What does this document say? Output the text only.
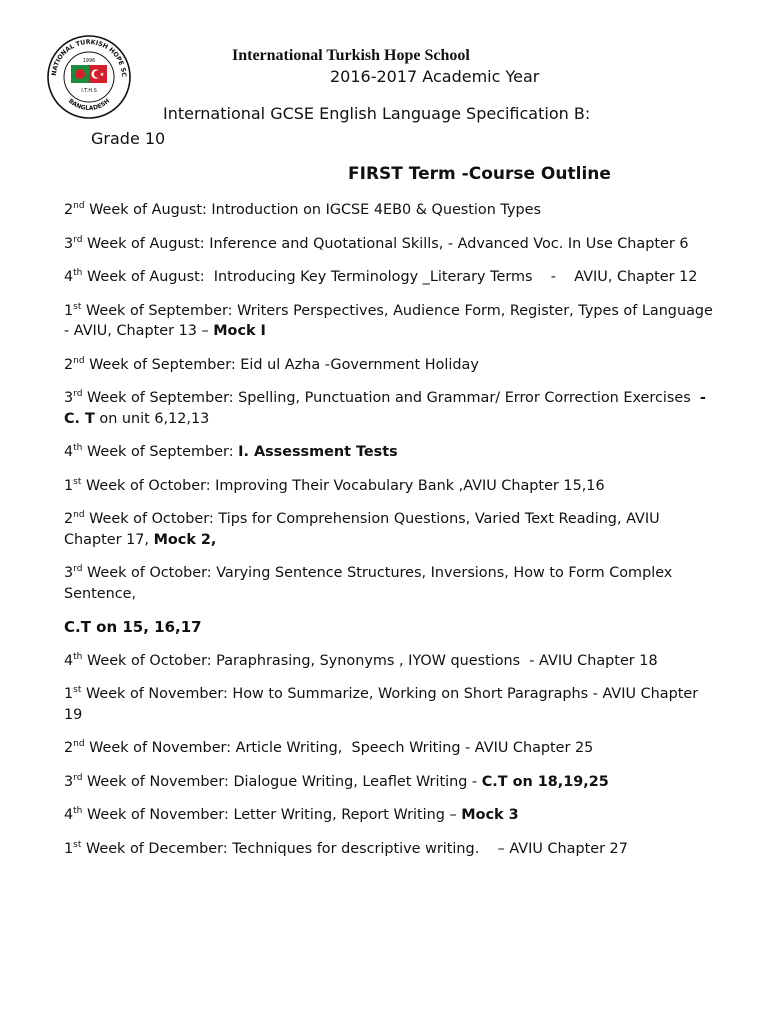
NATIONAL TURKISH HOPE SC
BANGLADESH
1996
I.T.H.S
International Turkish Hope School
2016-2017 Academic Year
International GCSE English Language Specification B:
Grade 10
FIRST Term -Course Outline
2nd Week of August: Introduction on IGCSE 4EB0 & Question Types
3rd Week of August: Inference and Quotational Skills, - Advanced Voc. In Use Chapter 6
4th Week of August:  Introducing Key Terminology _Literary Terms    -    AVIU, Chapter 12
1st Week of September: Writers Perspectives, Audience Form, Register, Types of Language - AVIU, Chapter 13 – Mock I
2nd Week of September: Eid ul Azha -Government Holiday
3rd Week of September: Spelling, Punctuation and Grammar/ Error Correction Exercises  - C. T on unit 6,12,13
4th Week of September: I. Assessment Tests
1st Week of October: Improving Their Vocabulary Bank ,AVIU Chapter 15,16
2nd Week of October: Tips for Comprehension Questions, Varied Text Reading, AVIU Chapter 17, Mock 2,
3rd Week of October: Varying Sentence Structures, Inversions, How to Form Complex Sentence,
C.T on 15, 16,17
4th Week of October: Paraphrasing, Synonyms , IYOW questions  - AVIU Chapter 18
1st Week of November: How to Summarize, Working on Short Paragraphs - AVIU Chapter 19
2nd Week of November: Article Writing,  Speech Writing - AVIU Chapter 25
3rd Week of November: Dialogue Writing, Leaflet Writing - C.T on 18,19,25
4th Week of November: Letter Writing, Report Writing – Mock 3
1st Week of December: Techniques for descriptive writing.    – AVIU Chapter 27
